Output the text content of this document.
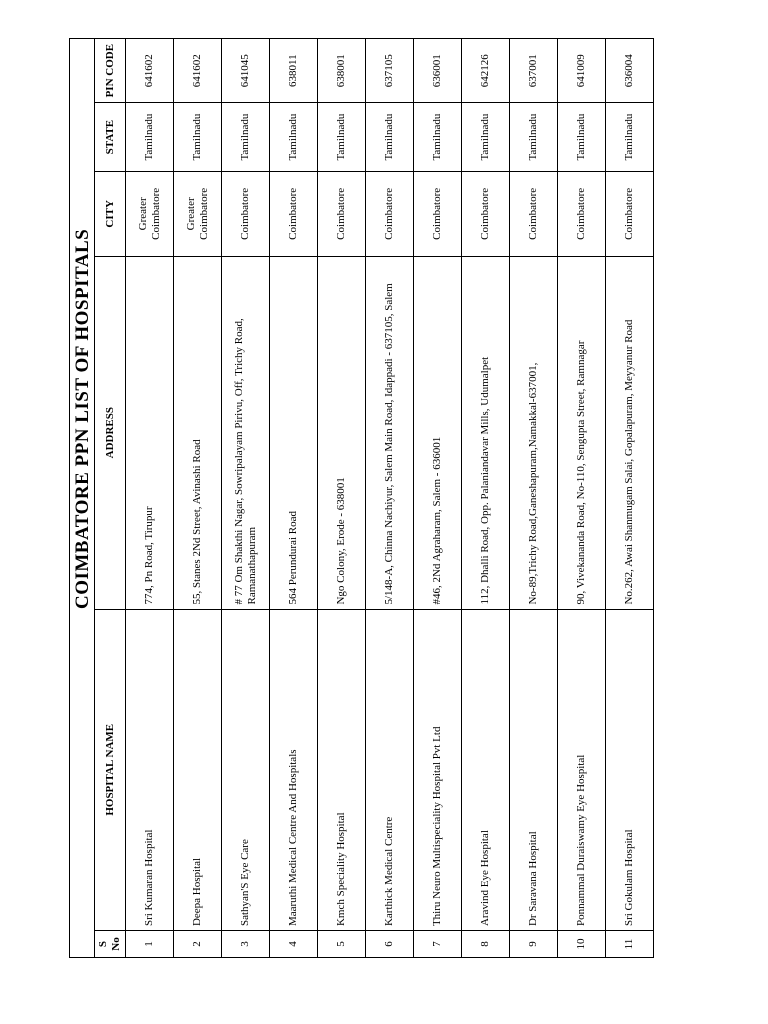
		COIMBATORE PPN LIST OF HOSPITALS			
S No	HOSPITAL NAME	ADDRESS	CITY	STATE	PIN CODE
1	Sri Kumaran Hospital	774, Pn Road, Tirupur	Greater Coimbatore	Tamilnadu	641602
2	Deepa Hospital	55, Stanes 2Nd Street, Avinashi Road	Greater Coimbatore	Tamilnadu	641602
3	Sathyan'S Eye Care	# 77 Om Shakthi Nagar, Sowripalayam Pirivu, Off, Trichy Road, Ramanathapuram	Coimbatore	Tamilnadu	641045
4	Maaruthi Medical Centre And Hospitals	564 Perundurai Road	Coimbatore	Tamilnadu	638011
5	Kmch Speciality Hospital	Ngo Colony, Erode - 638001	Coimbatore	Tamilnadu	638001
6	Karthick Medical Centre	5/148-A, Chinna Nachiyur, Salem Main Road, Idappadi - 637105, Salem	Coimbatore	Tamilnadu	637105
7	Thiru Neuro Multispeciality Hospital Pvt Ltd	#46, 2Nd Agraharam, Salem - 636001	Coimbatore	Tamilnadu	636001
8	Aravind Eye Hospital	112, Dhalli Road, Opp. Palaniandavar Mills, Udumalpet	Coimbatore	Tamilnadu	642126
9	Dr Saravana Hospital	No-89,Trichy Road,Ganeshapuram,Namakkal-637001,	Coimbatore	Tamilnadu	637001
10	Ponnammal Duraiswamy Eye Hospital	90, Vivekananda Road, No-110, Sengupta Street, Ramnagar	Coimbatore	Tamilnadu	641009
11	Sri Gokulam Hospital	No.262, Awai Shanmugam Salai, Gopalapuram, Meyyanur Road	Coimbatore	Tamilnadu	636004
